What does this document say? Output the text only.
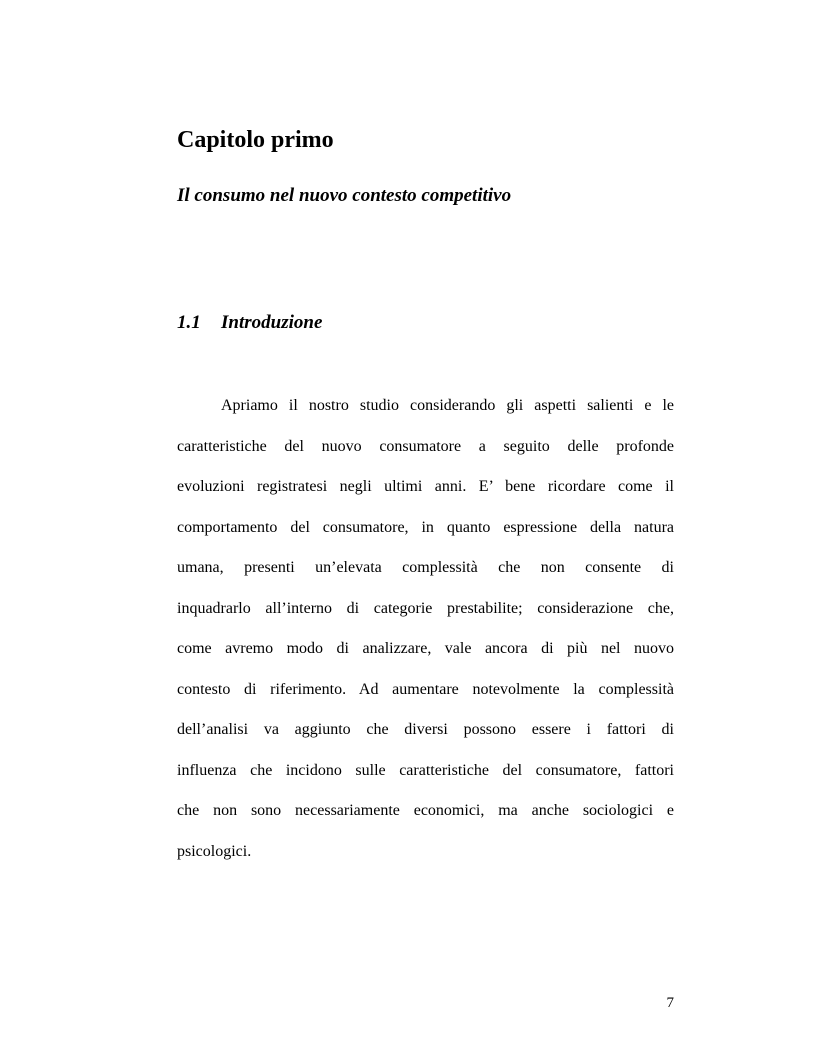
Capitolo primo
Il consumo nel nuovo contesto competitivo
1.1 Introduzione
Apriamo il nostro studio considerando gli aspetti salienti e le
caratteristiche del nuovo consumatore a seguito delle profonde
evoluzioni registratesi negli ultimi anni. E’ bene ricordare come il
comportamento del consumatore, in quanto espressione della natura
umana, presenti un’elevata complessità che non consente di
inquadrarlo all’interno di categorie prestabilite; considerazione che,
come avremo modo di analizzare, vale ancora di più nel nuovo
contesto di riferimento. Ad aumentare notevolmente la complessità
dell’analisi va aggiunto che diversi possono essere i fattori di
influenza che incidono sulle caratteristiche del consumatore, fattori
che non sono necessariamente economici, ma anche sociologici e
psicologici.
7
